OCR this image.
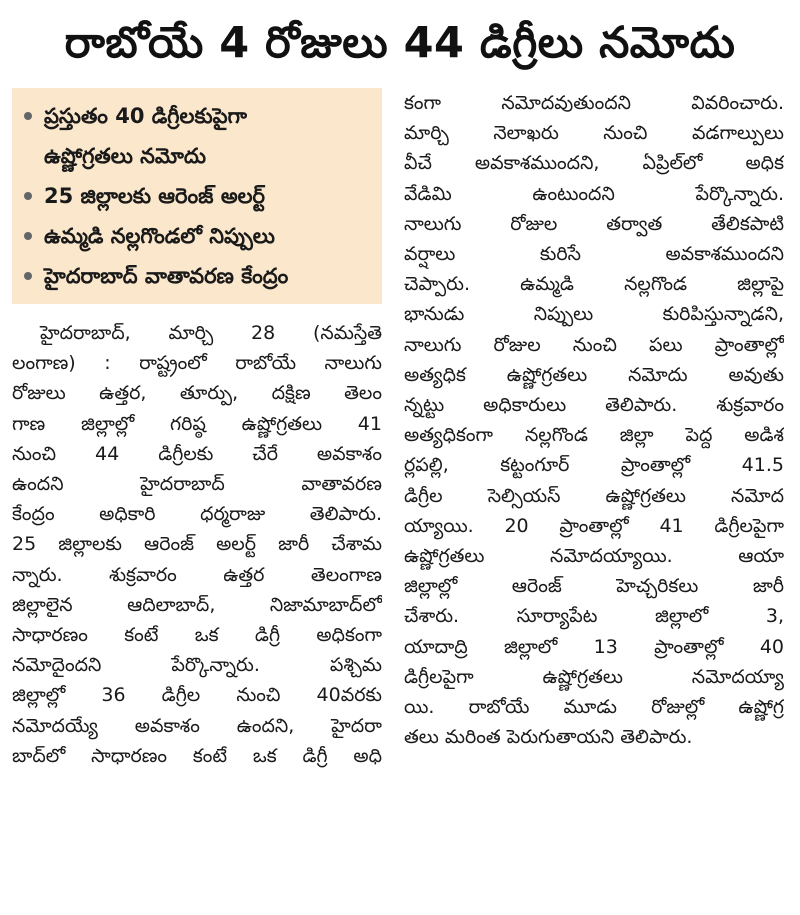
రాబోయే 4 రోజులు 44 డిగ్రీలు నమోదు
ప్రస్తుతం 40 డిగ్రీలకుపైగా
ఉష్ణోగ్రతలు నమోదు
25 జిల్లాలకు ఆరెంజ్ అలర్ట్
ఉమ్మడి నల్లగొండలో నిప్పులు
హైదరాబాద్ వాతావరణ కేంద్రం
హైదరాబాద్, మార్చి 28 (నమస్తేతె
లంగాణ) : రాష్ట్రంలో రాబోయే నాలుగు
రోజులు ఉత్తర, తూర్పు, దక్షిణ తెలం
గాణ జిల్లాల్లో గరిష్ఠ ఉష్ణోగ్రతలు 41
నుంచి 44 డిగ్రీలకు చేరే అవకాశం
ఉందని హైదరాబాద్ వాతావరణ
కేంద్రం అధికారి ధర్మరాజు తెలిపారు.
25 జిల్లాలకు ఆరెంజ్ అలర్ట్ జారీ చేశామ
న్నారు. శుక్రవారం ఉత్తర తెలంగాణ
జిల్లాలైన ఆదిలాబాద్, నిజామాబాద్‌లో
సాధారణం కంటే ఒక డిగ్రీ అధికంగా
నమోదైందని పేర్కొన్నారు. పశ్చిమ
జిల్లాల్లో 36 డిగ్రీల నుంచి 40వరకు
నమోదయ్యే అవకాశం ఉందని, హైదరా
బాద్‌లో సాధారణం కంటే ఒక డిగ్రీ అధి
కంగా నమోదవుతుందని వివరించారు.
మార్చి నెలాఖరు నుంచి వడగాల్పులు
వీచే అవకాశముందని, ఏప్రిల్‌లో అధిక
వేడిమి ఉంటుందని పేర్కొన్నారు.
నాలుగు రోజుల తర్వాత తేలికపాటి
వర్షాలు కురిసే అవకాశముందని
చెప్పారు. ఉమ్మడి నల్లగొండ జిల్లాపై
భానుడు నిప్పులు కురిపిస్తున్నాడని,
నాలుగు రోజుల నుంచి పలు ప్రాంతాల్లో
అత్యధిక ఉష్ణోగ్రతలు నమోదు అవుతు
న్నట్టు అధికారులు తెలిపారు. శుక్రవారం
అత్యధికంగా నల్లగొండ జిల్లా పెద్ద అడిశ
ర్లపల్లి, కట్టంగూర్ ప్రాంతాల్లో 41.5
డిగ్రీల సెల్సియస్ ఉష్ణోగ్రతలు నమోద
య్యాయి. 20 ప్రాంతాల్లో 41 డిగ్రీలపైగా
ఉష్ణోగ్రతలు నమోదయ్యాయి. ఆయా
జిల్లాల్లో ఆరెంజ్ హెచ్చరికలు జారీ
చేశారు. సూర్యాపేట జిల్లాలో 3,
యాదాద్రి జిల్లాలో 13 ప్రాంతాల్లో 40
డిగ్రీలపైగా ఉష్ణోగ్రతలు నమోదయ్యా
యి. రాబోయే మూడు రోజుల్లో ఉష్ణోగ్ర
తలు మరింత పెరుగుతాయని తెలిపారు.
